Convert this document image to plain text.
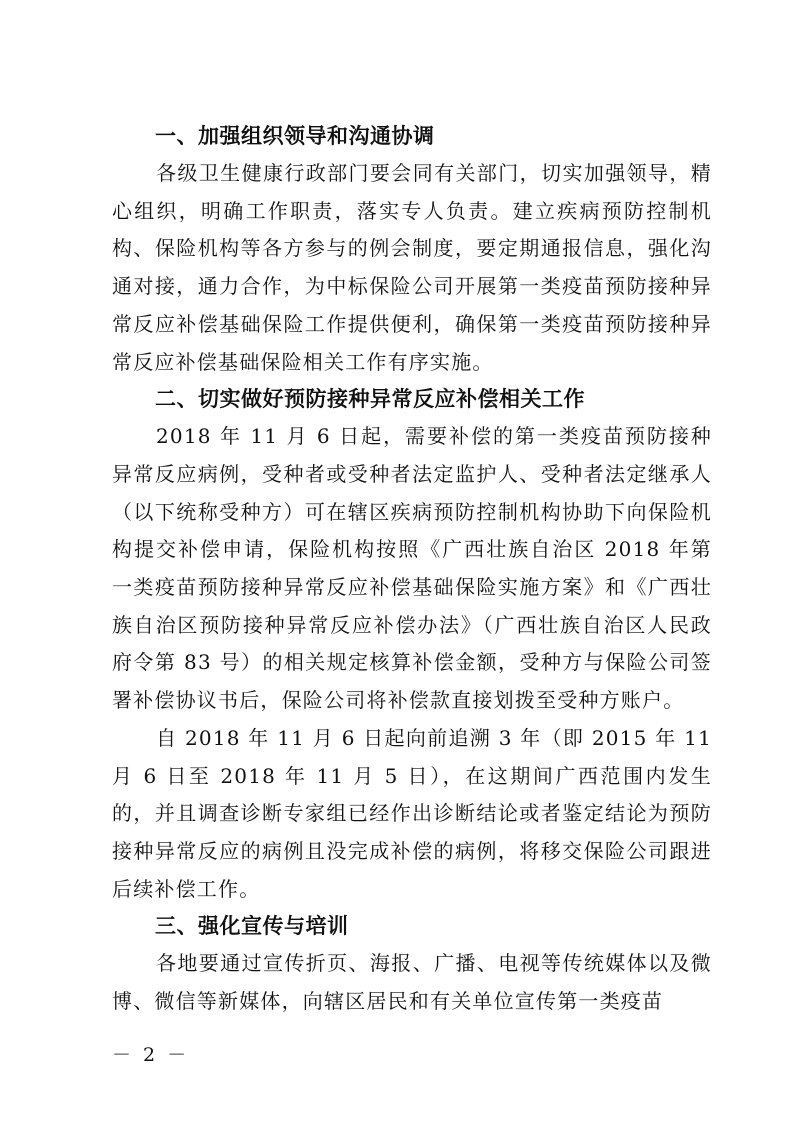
一、加强组织领导和沟通协调

各级卫生健康行政部门要会同有关部门，切实加强领导，精心组织，明确工作职责，落实专人负责。建立疾病预防控制机构、保险机构等各方参与的例会制度，要定期通报信息，强化沟通对接，通力合作，为中标保险公司开展第一类疫苗预防接种异常反应补偿基础保险工作提供便利，确保第一类疫苗预防接种异常反应补偿基础保险相关工作有序实施。

二、切实做好预防接种异常反应补偿相关工作

2018 年 11 月 6 日起，需要补偿的第一类疫苗预防接种异常反应病例，受种者或受种者法定监护人、受种者法定继承人（以下统称受种方）可在辖区疾病预防控制机构协助下向保险机构提交补偿申请，保险机构按照《广西壮族自治区 2018 年第一类疫苗预防接种异常反应补偿基础保险实施方案》和《广西壮族自治区预防接种异常反应补偿办法》（广西壮族自治区人民政府令第 83 号）的相关规定核算补偿金额，受种方与保险公司签署补偿协议书后，保险公司将补偿款直接划拨至受种方账户。

自 2018 年 11 月 6 日起向前追溯 3 年（即 2015 年 11 月 6 日至 2018 年 11 月 5 日），在这期间广西范围内发生的，并且调查诊断专家组已经作出诊断结论或者鉴定结论为预防接种异常反应的病例且没完成补偿的病例，将移交保险公司跟进后续补偿工作。

三、强化宣传与培训

各地要通过宣传折页、海报、广播、电视等传统媒体以及微博、微信等新媒体，向辖区居民和有关单位宣传第一类疫苗

－ 2 －
